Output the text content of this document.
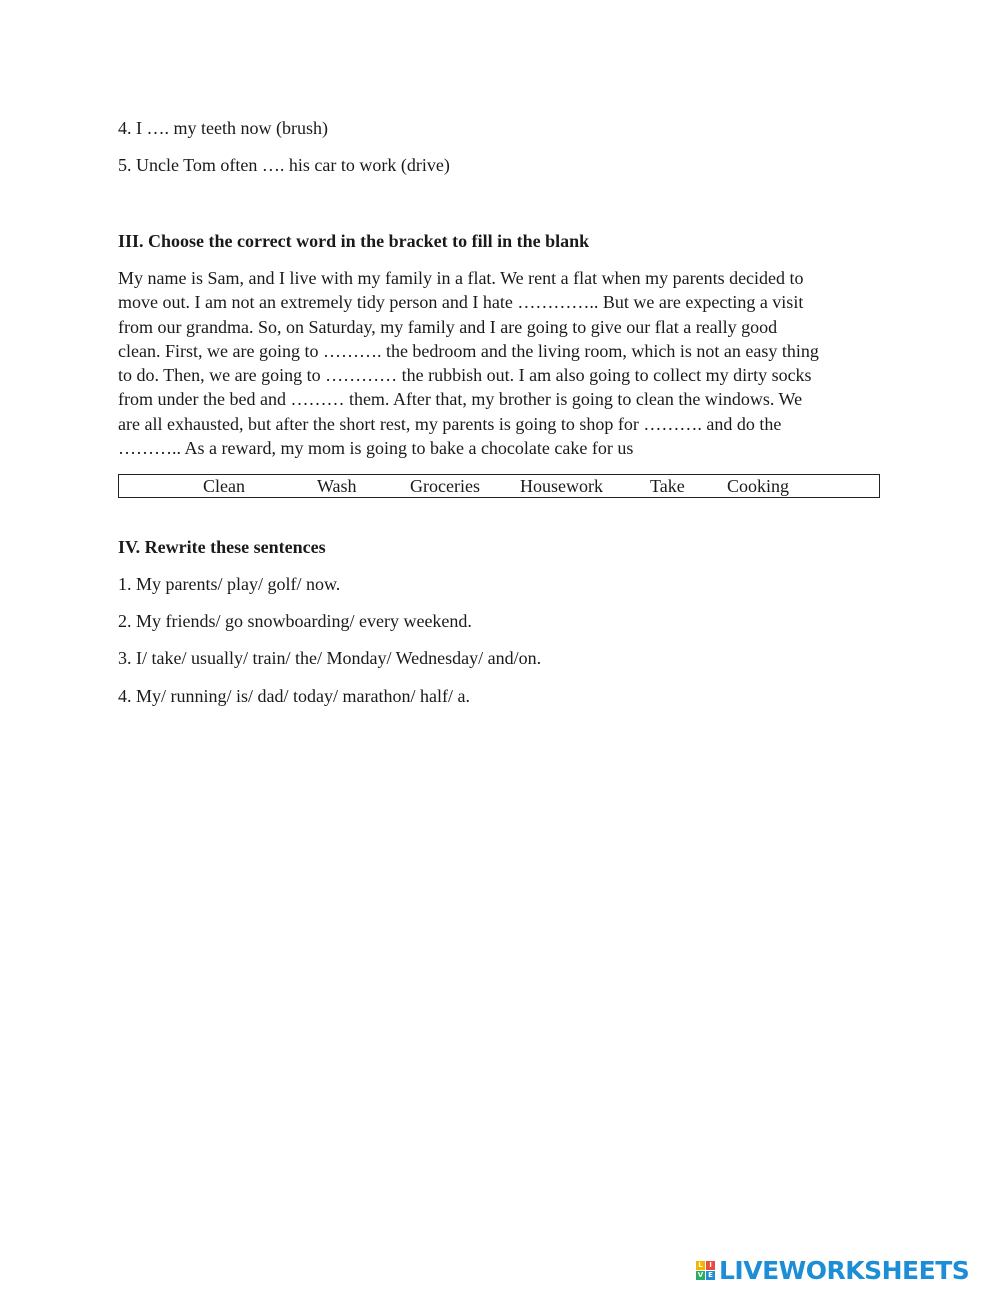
4. I …. my teeth now (brush)
5. Uncle Tom often …. his car to work (drive)
III. Choose the correct word in the bracket to fill in the blank
My name is Sam, and I live with my family in a flat. We rent a flat when my parents decided to
move out. I am not an extremely tidy person and I hate ………….. But we are expecting a visit
from our grandma. So, on Saturday, my family and I are going to give our flat a really good
clean. First, we are going to ………. the bedroom and the living room, which is not an easy thing
to do. Then, we are going to ………… the rubbish out. I am also going to collect my dirty socks
from under the bed and ……… them. After that, my brother is going to clean the windows. We
are all exhausted, but after the short rest, my parents is going to shop for ………. and do the
……….. As a reward, my mom is going to bake a chocolate cake for us
Clean	Wash	Groceries Housework	Take Cooking
IV. Rewrite these sentences
1. My parents/ play/ golf/ now.
2. My friends/ go snowboarding/ every weekend.
3. I/ take/ usually/ train/ the/ Monday/ Wednesday/ and/on.
4. My/ running/ is/ dad/ today/ marathon/ half/ a.
L I
V E LIVEWORKSHEETS
